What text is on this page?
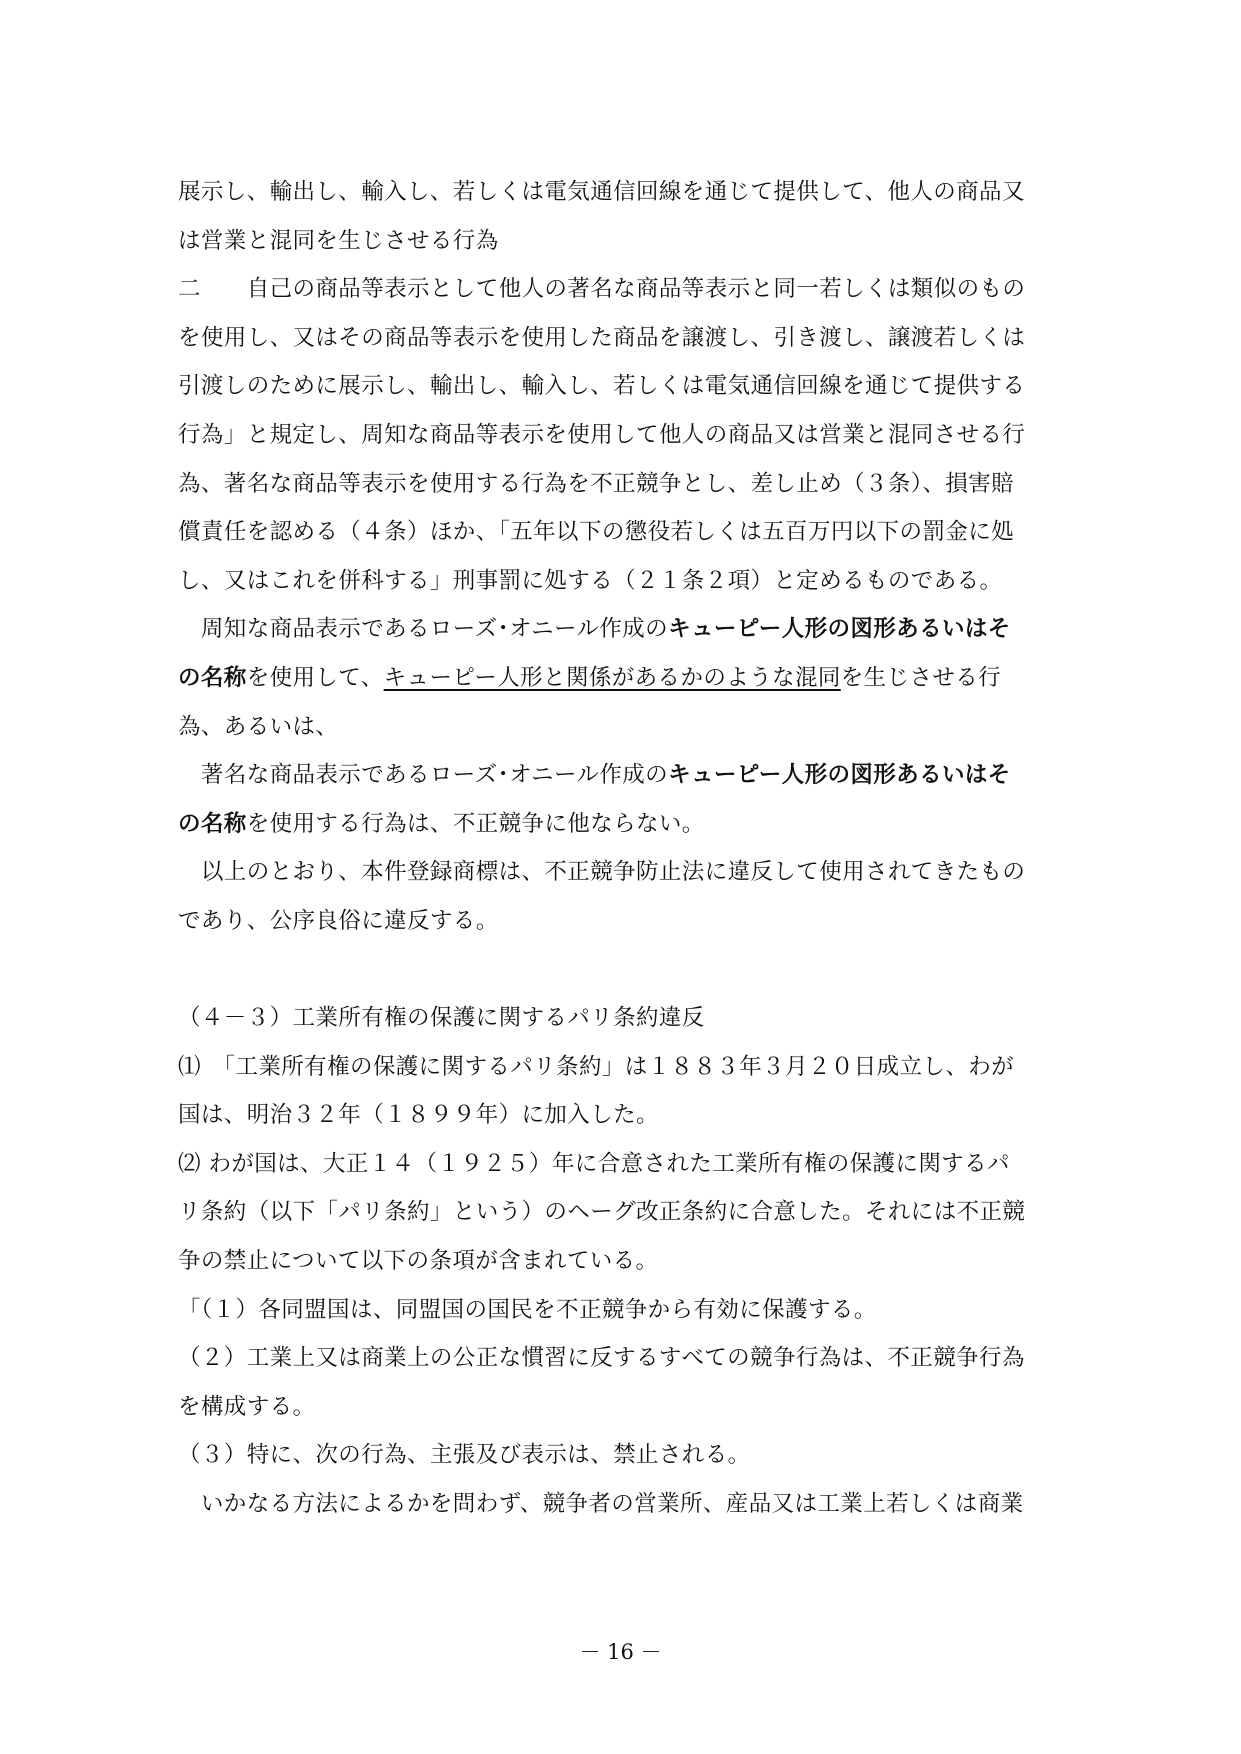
展示し、輸出し、輸入し、若しくは電気通信回線を通じて提供して、他人の商品又
は営業と混同を生じさせる行為
二　　自己の商品等表示として他人の著名な商品等表示と同一若しくは類似のもの
を使用し、又はその商品等表示を使用した商品を譲渡し、引き渡し、譲渡若しくは
引渡しのために展示し、輸出し、輸入し、若しくは電気通信回線を通じて提供する
行為」と規定し、周知な商品等表示を使用して他人の商品又は営業と混同させる行
為、著名な商品等表示を使用する行為を不正競争とし、差し止め（３条）、損害賠
償責任を認める（４条）ほか、「五年以下の懲役若しくは五百万円以下の罰金に処
し、又はこれを併科する」刑事罰に処する（２１条２項）と定めるものである。
　周知な商品表示であるローズ･オニール作成のキューピー人形の図形あるいはそ
の名称を使用して、キューピー人形と関係があるかのような混同を生じさせる行
為、あるいは、
　著名な商品表示であるローズ･オニール作成のキューピー人形の図形あるいはそ
の名称を使用する行為は、不正競争に他ならない。
　以上のとおり、本件登録商標は、不正競争防止法に違反して使用されてきたもの
であり、公序良俗に違反する。
（４－３）工業所有権の保護に関するパリ条約違反
⑴　「工業所有権の保護に関するパリ条約」は１８８３年３月２０日成立し、わが
国は、明治３２年（１８９９年）に加入した。
⑵ わが国は、大正１４（１９２５）年に合意された工業所有権の保護に関するパ
リ条約（以下「パリ条約」という）のヘーグ改正条約に合意した。それには不正競
争の禁止について以下の条項が含まれている。
「（１）各同盟国は、同盟国の国民を不正競争から有効に保護する。
（２）工業上又は商業上の公正な慣習に反するすべての競争行為は、不正競争行為
を構成する。
（３）特に、次の行為、主張及び表示は、禁止される。
　いかなる方法によるかを問わず、競争者の営業所、産品又は工業上若しくは商業
－ 16 －
